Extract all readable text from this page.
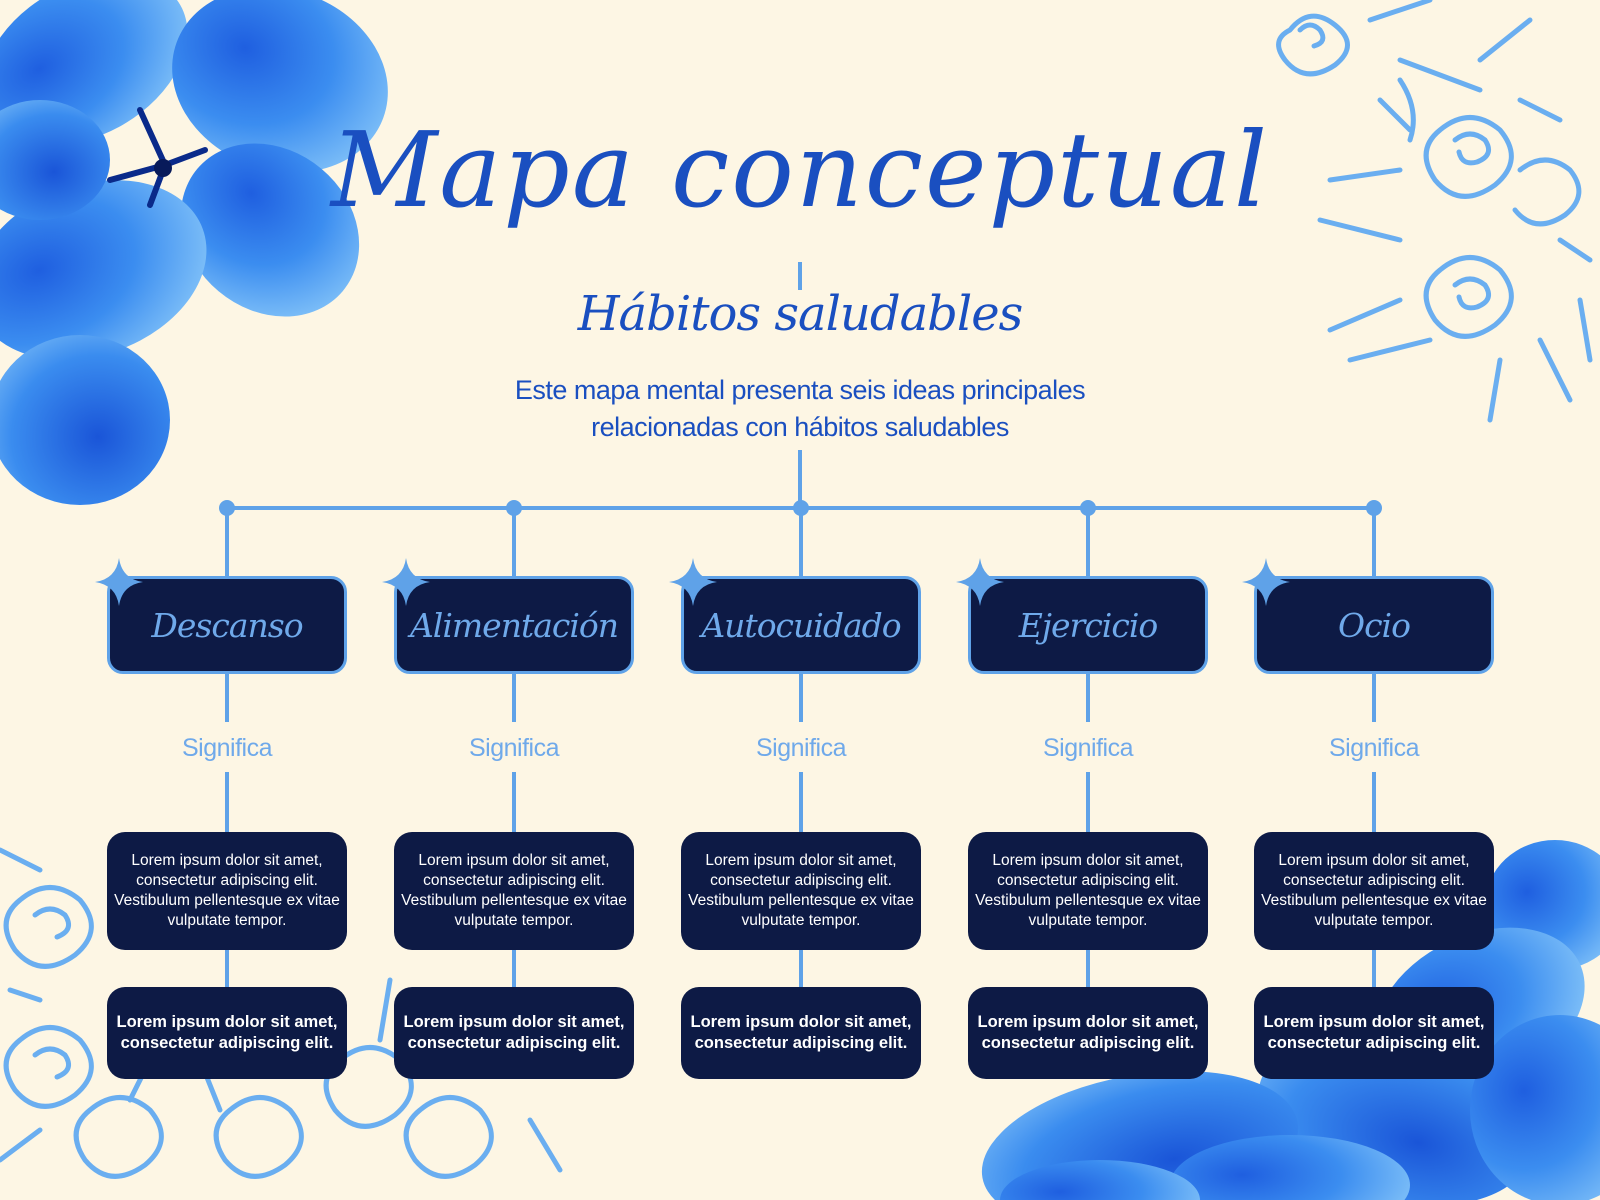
Mapa conceptual
Hábitos saludables
Este mapa mental presenta seis ideas principales
relacionadas con hábitos saludables
Descanso
Significa
Lorem ipsum dolor sit amet,
consectetur adipiscing elit.
Vestibulum pellentesque ex vitae
vulputate tempor.
Lorem ipsum dolor sit amet,
consectetur adipiscing elit.
Alimentación
Significa
Lorem ipsum dolor sit amet,
consectetur adipiscing elit.
Vestibulum pellentesque ex vitae
vulputate tempor.
Lorem ipsum dolor sit amet,
consectetur adipiscing elit.
Autocuidado
Significa
Lorem ipsum dolor sit amet,
consectetur adipiscing elit.
Vestibulum pellentesque ex vitae
vulputate tempor.
Lorem ipsum dolor sit amet,
consectetur adipiscing elit.
Ejercicio
Significa
Lorem ipsum dolor sit amet,
consectetur adipiscing elit.
Vestibulum pellentesque ex vitae
vulputate tempor.
Lorem ipsum dolor sit amet,
consectetur adipiscing elit.
Ocio
Significa
Lorem ipsum dolor sit amet,
consectetur adipiscing elit.
Vestibulum pellentesque ex vitae
vulputate tempor.
Lorem ipsum dolor sit amet,
consectetur adipiscing elit.
